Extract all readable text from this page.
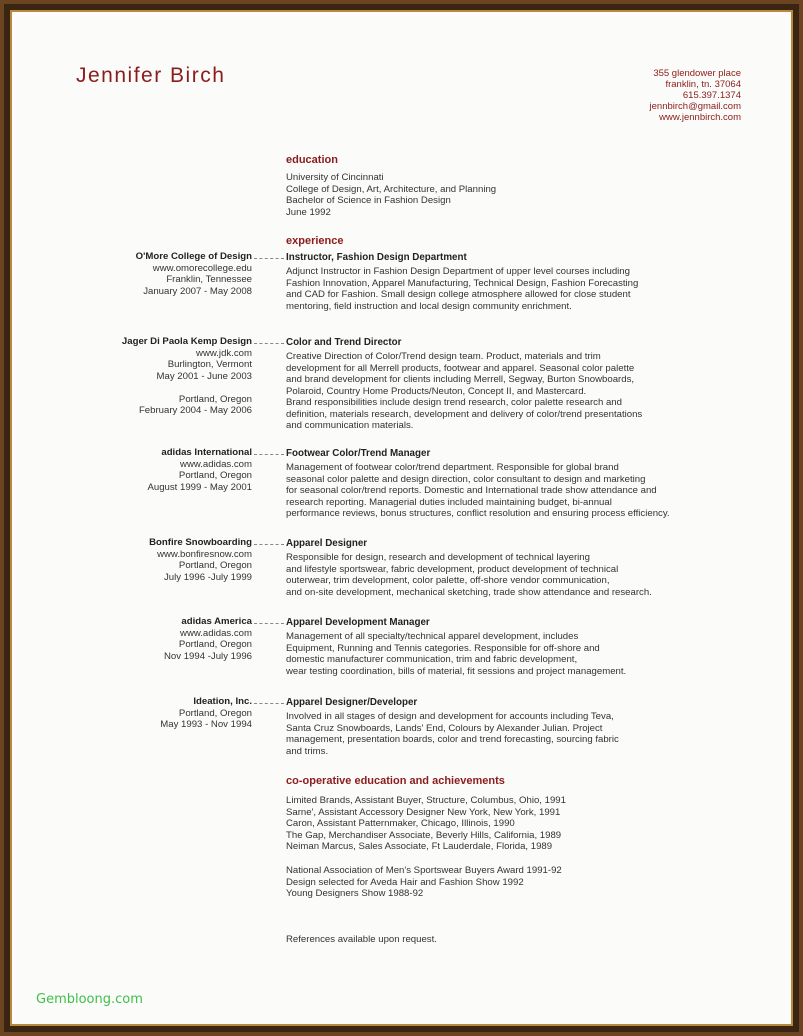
Jennifer Birch	355 glendower place
franklin, tn. 37064
615.397.1374
jennbirch@gmail.com
www.jennbirch.com
education
University of Cincinnati
College of Design, Art, Architecture, and Planning
Bachelor of Science in Fashion Design
June 1992
experience
O'More College of Design
www.omorecollege.edu
Franklin, Tennessee
January 2007 - May 2008
Instructor, Fashion Design Department
Adjunct Instructor in Fashion Design Department of upper level courses including
Fashion Innovation, Apparel Manufacturing, Technical Design, Fashion Forecasting
and CAD for Fashion. Small design college atmosphere allowed for close student
mentoring, field instruction and local design community enrichment.
Jager Di Paola Kemp Design
www.jdk.com
Burlington, Vermont
May 2001 - June 2003

Portland, Oregon
February 2004 - May 2006
Color and Trend Director
Creative Direction of Color/Trend design team. Product, materials and trim
development for all Merrell products, footwear and apparel. Seasonal color palette
and brand development for clients including Merrell, Segway, Burton Snowboards,
Polaroid, Country Home Products/Neuton, Concept II, and Mastercard.
Brand responsibilities include design trend research, color palette research and
definition, materials research, development and delivery of color/trend presentations
and communication materials.
adidas International
www.adidas.com
Portland, Oregon
August 1999 - May 2001
Footwear Color/Trend Manager
Management of footwear color/trend department. Responsible for global brand
seasonal color palette and design direction, color consultant to design and marketing
for seasonal color/trend reports. Domestic and International trade show attendance and
research reporting. Managerial duties included maintaining budget, bi-annual
performance reviews, bonus structures, conflict resolution and ensuring process efficiency.
Bonfire Snowboarding
www.bonfiresnow.com
Portland, Oregon
July 1996 -July 1999
Apparel Designer
Responsible for design, research and development of technical layering
and lifestyle sportswear, fabric development, product development of technical
outerwear, trim development, color palette, off-shore vendor communication,
and on-site development, mechanical sketching, trade show attendance and research.
adidas America
www.adidas.com
Portland, Oregon
Nov 1994 -July 1996
Apparel Development Manager
Management of all specialty/technical apparel development, includes
Equipment, Running and Tennis categories. Responsible for off-shore and
domestic manufacturer communication, trim and fabric development,
wear testing coordination, bills of material, fit sessions and project management.
Ideation, Inc.
Portland, Oregon
May 1993 - Nov 1994
Apparel Designer/Developer
Involved in all stages of design and development for accounts including Teva,
Santa Cruz Snowboards, Lands' End, Colours by Alexander Julian. Project
management, presentation boards, color and trend forecasting, sourcing fabric
and trims.
co-operative education and achievements
Limited Brands, Assistant Buyer, Structure, Columbus, Ohio, 1991
Sarne', Assistant Accessory Designer New York, New York, 1991
Caron, Assistant Patternmaker, Chicago, Illinois, 1990
The Gap, Merchandiser Associate, Beverly Hills, California, 1989
Neiman Marcus, Sales Associate, Ft Lauderdale, Florida, 1989
National Association of Men's Sportswear Buyers Award 1991-92
Design selected for Aveda Hair and Fashion Show 1992
Young Designers Show 1988-92
References available upon request.
Gembloong.com
